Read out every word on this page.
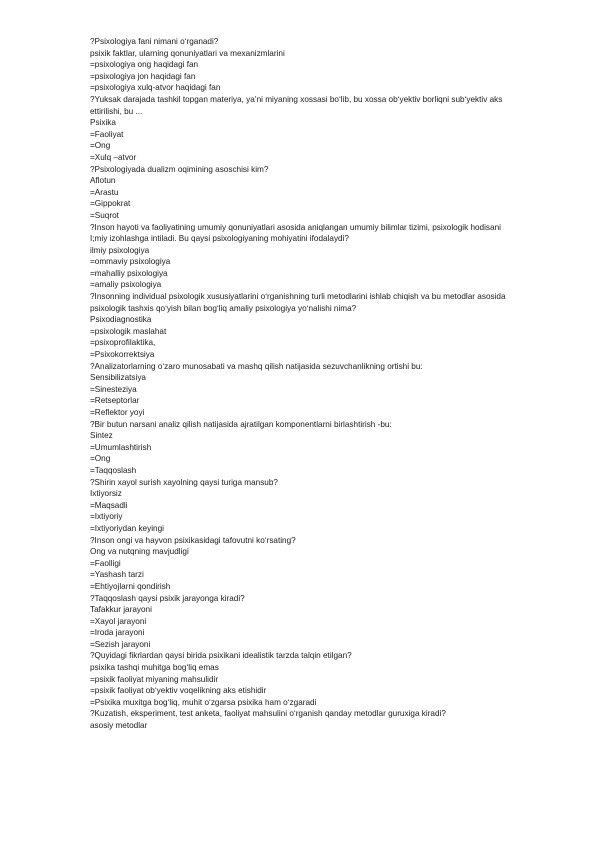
?Psixologiya fani nimani oʻrganadi?
psixik faktlar, ularning qonuniyatlari va mexanizmlarini
=psixologiya ong haqidagi fan
=psixologiya jon haqidagi fan
=psixologiya xulq-atvor haqidagi fan
?Yuksak darajada tashkil topgan materiya, ya’ni miyaning xossasi boʻlib, bu xossa obʻyektiv borliqni subʻyektiv aks ettirilishi, bu ...
Psixika
=Faoliyat
=Ong
=Xulq –atvor
?Psixologiyada dualizm oqimining asoschisi kim?
Aflotun
=Arastu
=Gippokrat
=Suqrot
?Inson hayoti va faoliyatining umumiy qonuniyatlari asosida aniqlangan umumiy bilimlar tizimi, psixologik hodisani I;miy izohlashga intiladi. Bu qaysi psixologiyaning mohiyatini ifodalaydi?
ilmiy psixologiya
=ommaviy psixologiya
=mahalliy psixologiya
=amaliy psixologiya
?Insonning individual psixologik xususiyatlarini oʻrganishning turli metodlarini ishlab chiqish va bu metodlar asosida psixologik tashxis qoʻyish bilan bogʻliq amaliy psixologiya yoʻnalishi nima?
Psixodiagnostika
=psixologik maslahat
=psixoprofilaktika,
=Psixokorrektsiya
?Analizatorlarning oʻzaro munosabati va mashq qilish natijasida sezuvchanlikning ortishi bu:
Sensibilizatsiya
=Sinesteziya
=Retseptorlar
=Reflektor yoyi
?Bir butun narsani analiz qilish natijasida ajratilgan komponentlarni birlashtirish -bu:
Sintez
=Umumlashtirish
=Ong
=Taqqoslash
?Shirin xayol surish xayolning qaysi turiga mansub?
Ixtiyorsiz
=Maqsadli
=Ixtiyoriy
=Ixtiyoriydan keyingi
?Inson ongi va hayvon psixikasidagi tafovutni koʻrsating?
Ong va nutqning mavjudligi
=Faolligi
=Yashash tarzi
=Ehtiyojlarni qondirish
?Taqqoslash qaysi psixik jarayonga kiradi?
Tafakkur jarayoni
=Xayol jarayoni
=Iroda jarayoni
=Sezish jarayoni
?Quyidagi fikrlardan qaysi birida psixikani idealistik tarzda talqin etilgan?
psixika tashqi muhitga bogʻliq emas
=psixik faoliyat miyaning mahsulidir
=psixik faoliyat obʻyektiv voqelikning aks etishidir
=Psixika muxitga bogʻliq, muhit oʻzgarsa psixika ham oʻzgaradi
?Kuzatish, eksperiment, test anketa, faoliyat mahsulini oʻrganish qanday metodlar guruxiga kiradi?
asosiy metodlar
